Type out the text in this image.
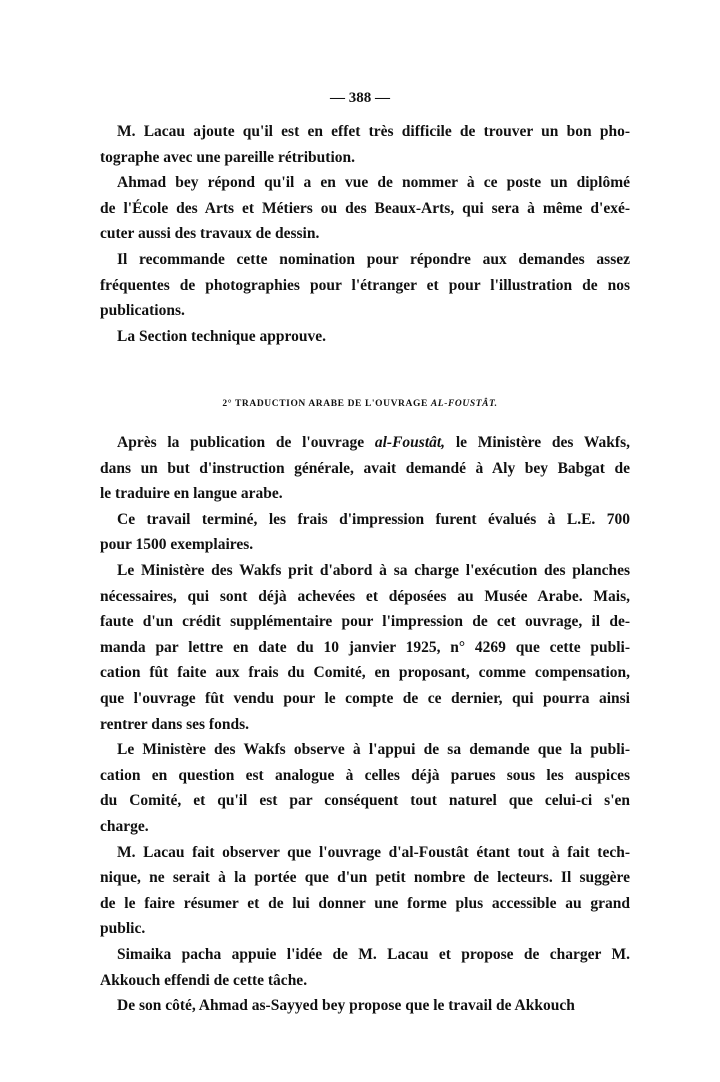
— 388 —
M. Lacau ajoute qu'il est en effet très difficile de trouver un bon pho-
tographe avec une pareille rétribution.
Ahmad bey répond qu'il a en vue de nommer à ce poste un diplômé
de l'École des Arts et Métiers ou des Beaux-Arts, qui sera à même d'exé-
cuter aussi des travaux de dessin.
Il recommande cette nomination pour répondre aux demandes assez
fréquentes de photographies pour l'étranger et pour l'illustration de nos
publications.
La Section technique approuve.
2° TRADUCTION ARABE DE L'OUVRAGE AL-FOUSTÂT.
Après la publication de l'ouvrage al-Foustât, le Ministère des Wakfs,
dans un but d'instruction générale, avait demandé à Aly bey Babgat de
le traduire en langue arabe.
Ce travail terminé, les frais d'impression furent évalués à L.E. 700
pour 1500 exemplaires.
Le Ministère des Wakfs prit d'abord à sa charge l'exécution des planches
nécessaires, qui sont déjà achevées et déposées au Musée Arabe. Mais,
faute d'un crédit supplémentaire pour l'impression de cet ouvrage, il de-
manda par lettre en date du 10 janvier 1925, n° 4269 que cette publi-
cation fût faite aux frais du Comité, en proposant, comme compensation,
que l'ouvrage fût vendu pour le compte de ce dernier, qui pourra ainsi
rentrer dans ses fonds.
Le Ministère des Wakfs observe à l'appui de sa demande que la publi-
cation en question est analogue à celles déjà parues sous les auspices
du Comité, et qu'il est par conséquent tout naturel que celui-ci s'en
charge.
M. Lacau fait observer que l'ouvrage d'al-Foustât étant tout à fait tech-
nique, ne serait à la portée que d'un petit nombre de lecteurs. Il suggère
de le faire résumer et de lui donner une forme plus accessible au grand
public.
Simaika pacha appuie l'idée de M. Lacau et propose de charger M.
Akkouch effendi de cette tâche.
De son côté, Ahmad as-Sayyed bey propose que le travail de Akkouch
